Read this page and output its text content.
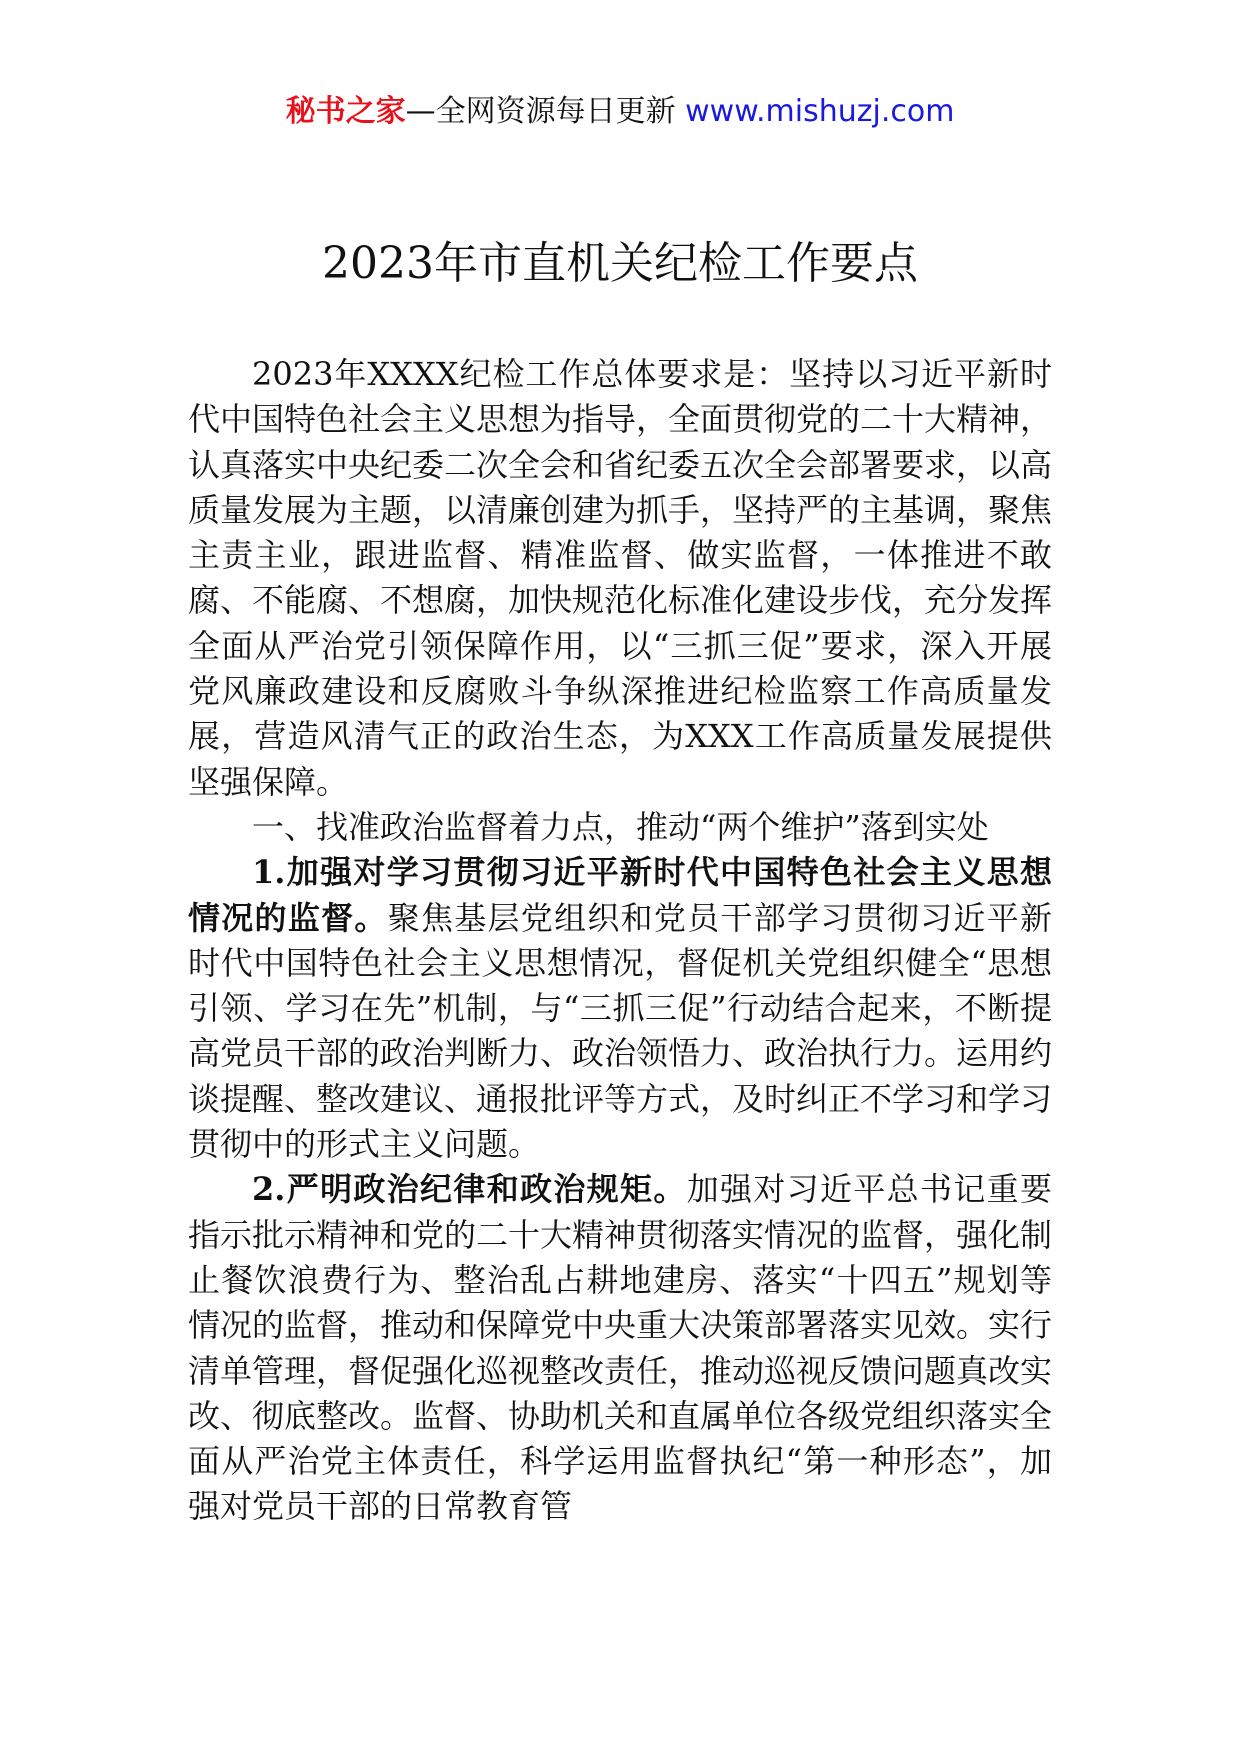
秘书之家—全网资源每日更新 www.mishuzj.com
2023年市直机关纪检工作要点

2023年XXXX纪检工作总体要求是：坚持以习近平新时代中国特色社会主义思想为指导，全面贯彻党的二十大精神，认真落实中央纪委二次全会和省纪委五次全会部署要求，以高质量发展为主题，以清廉创建为抓手，坚持严的主基调，聚焦主责主业，跟进监督、精准监督、做实监督，一体推进不敢腐、不能腐、不想腐，加快规范化标准化建设步伐，充分发挥全面从严治党引领保障作用，以“三抓三促”要求，深入开展党风廉政建设和反腐败斗争纵深推进纪检监察工作高质量发展，营造风清气正的政治生态，为XXX工作高质量发展提供坚强保障。

一、找准政治监督着力点，推动“两个维护”落到实处

1.加强对学习贯彻习近平新时代中国特色社会主义思想情况的监督。聚焦基层党组织和党员干部学习贯彻习近平新时代中国特色社会主义思想情况，督促机关党组织健全“思想引领、学习在先”机制，与“三抓三促”行动结合起来，不断提高党员干部的政治判断力、政治领悟力、政治执行力。运用约谈提醒、整改建议、通报批评等方式，及时纠正不学习和学习贯彻中的形式主义问题。

2.严明政治纪律和政治规矩。加强对习近平总书记重要指示批示精神和党的二十大精神贯彻落实情况的监督，强化制止餐饮浪费行为、整治乱占耕地建房、落实“十四五”规划等情况的监督，推动和保障党中央重大决策部署落实见效。实行清单管理，督促强化巡视整改责任，推动巡视反馈问题真改实改、彻底整改。监督、协助机关和直属单位各级党组织落实全面从严治党主体责任，科学运用监督执纪“第一种形态”，加强对党员干部的日常教育管
